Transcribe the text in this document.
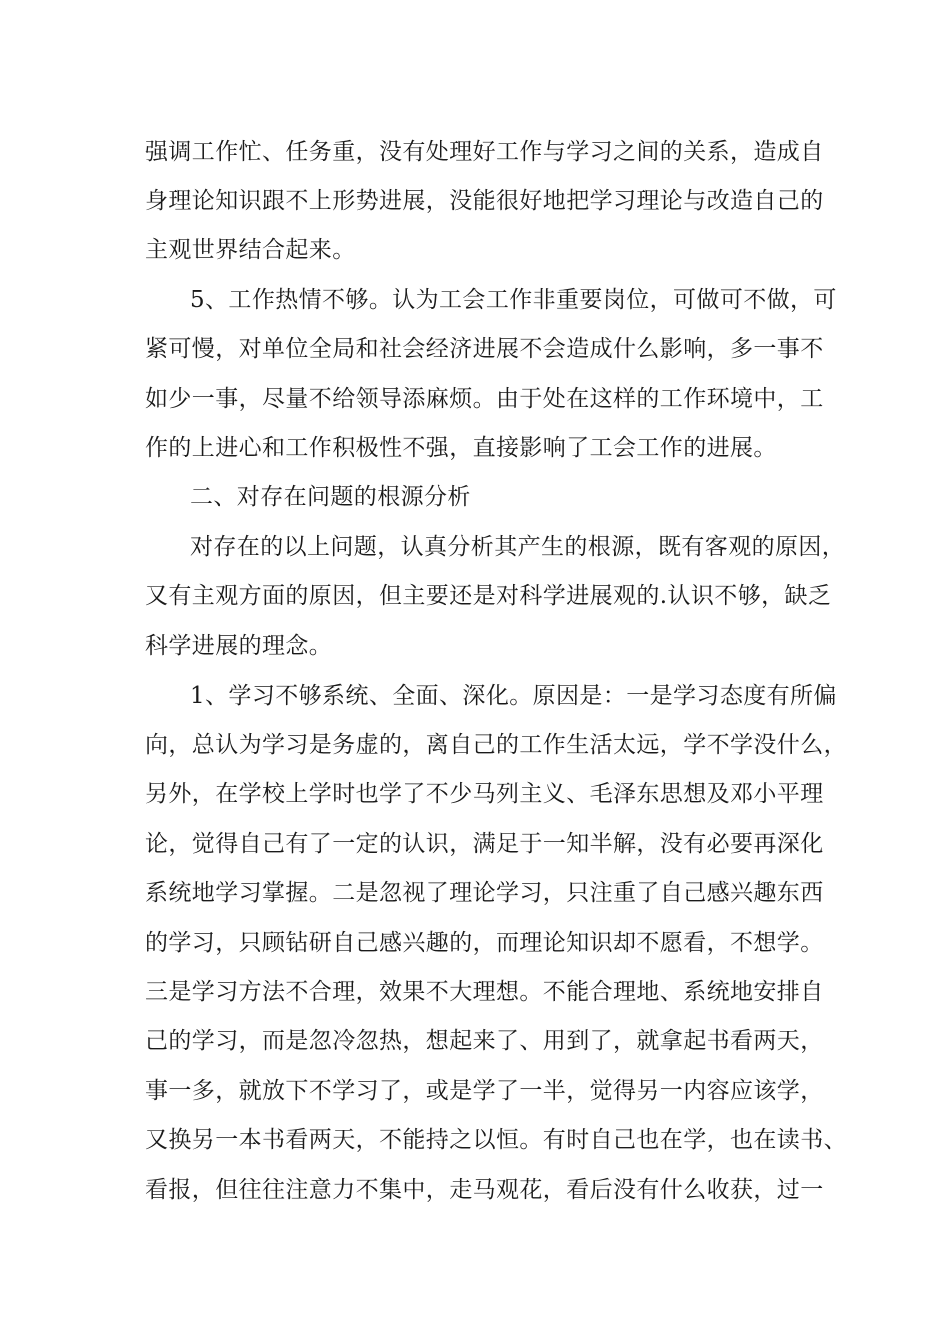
强调工作忙、任务重，没有处理好工作与学习之间的关系，造成自
身理论知识跟不上形势进展，没能很好地把学习理论与改造自己的
主观世界结合起来。
5、工作热情不够。认为工会工作非重要岗位，可做可不做，可
紧可慢，对单位全局和社会经济进展不会造成什么影响，多一事不
如少一事，尽量不给领导添麻烦。由于处在这样的工作环境中，工
作的上进心和工作积极性不强，直接影响了工会工作的进展。
二、对存在问题的根源分析
对存在的以上问题，认真分析其产生的根源，既有客观的原因，
又有主观方面的原因，但主要还是对科学进展观的.认识不够，缺乏
科学进展的理念。
1、学习不够系统、全面、深化。原因是：一是学习态度有所偏
向，总认为学习是务虚的，离自己的工作生活太远，学不学没什么，
另外，在学校上学时也学了不少马列主义、毛泽东思想及邓小平理
论，觉得自己有了一定的认识，满足于一知半解，没有必要再深化
系统地学习掌握。二是忽视了理论学习，只注重了自己感兴趣东西
的学习，只顾钻研自己感兴趣的，而理论知识却不愿看，不想学。
三是学习方法不合理，效果不大理想。不能合理地、系统地安排自
己的学习，而是忽冷忽热，想起来了、用到了，就拿起书看两天，
事一多，就放下不学习了，或是学了一半，觉得另一内容应该学，
又换另一本书看两天，不能持之以恒。有时自己也在学，也在读书、
看报，但往往注意力不集中，走马观花，看后没有什么收获，过一
